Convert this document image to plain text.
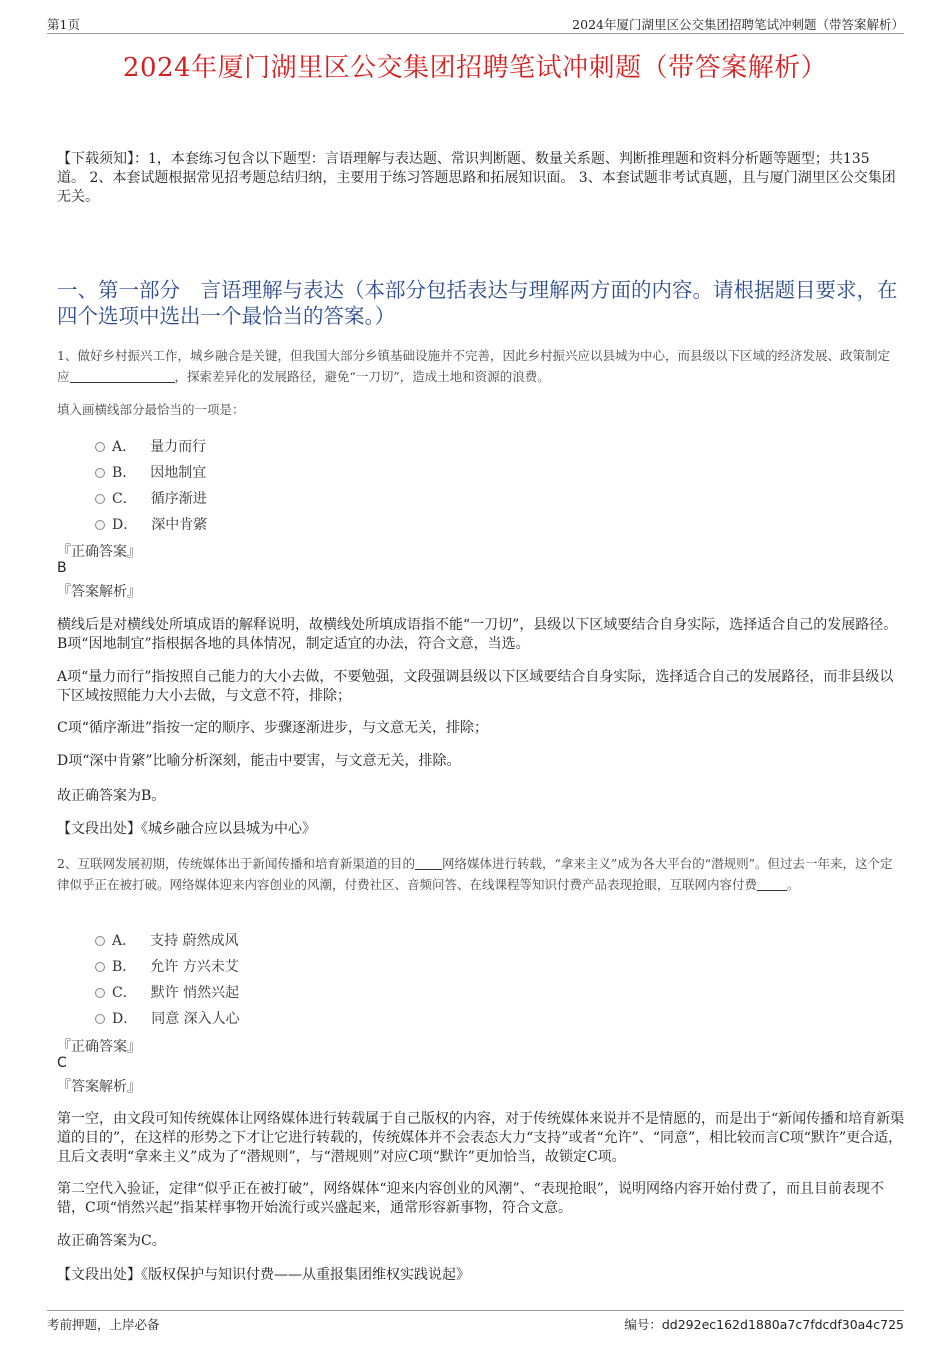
第1页	2024年厦门湖里区公交集团招聘笔试冲刺题（带答案解析）
2024年厦门湖里区公交集团招聘笔试冲刺题（带答案解析）
【下载须知】：1，本套练习包含以下题型：言语理解与表达题、常识判断题、数量关系题、判断推理题和资料分析题等题型；共135道。 2、本套试题根据常见招考题总结归纳，主要用于练习答题思路和拓展知识面。 3、本套试题非考试真题，且与厦门湖里区公交集团无关。
一、第一部分　言语理解与表达（本部分包括表达与理解两方面的内容。请根据题目要求，在四个选项中选出一个最恰当的答案。）
1、做好乡村振兴工作，城乡融合是关键，但我国大部分乡镇基础设施并不完善，因此乡村振兴应以县城为中心，而县级以下区域的经济发展、政策制定应	，探索差异化的发展路径，避免“一刀切”，造成土地和资源的浪费。
填入画横线部分最恰当的一项是：
A． 量力而行
B． 因地制宜
C． 循序渐进
D． 深中肯綮
『正确答案』
B
『答案解析』
横线后是对横线处所填成语的解释说明，故横线处所填成语指不能“一刀切”，县级以下区域要结合自身实际，选择适合自己的发展路径。B项“因地制宜”指根据各地的具体情况，制定适宜的办法，符合文意，当选。
A项“量力而行”指按照自己能力的大小去做，不要勉强，文段强调县级以下区域要结合自身实际，选择适合自己的发展路径，而非县级以下区域按照能力大小去做，与文意不符，排除；
C项“循序渐进”指按一定的顺序、步骤逐渐进步，与文意无关，排除；
D项“深中肯綮”比喻分析深刻，能击中要害，与文意无关，排除。
故正确答案为B。
【文段出处】《城乡融合应以县城为中心》
2、互联网发展初期，传统媒体出于新闻传播和培育新渠道的目的 网络媒体进行转载，“拿来主义”成为各大平台的“潜规则”。但过去一年来，这个定律似乎正在被打破。网络媒体迎来内容创业的风潮，付费社区、音频问答、在线课程等知识付费产品表现抢眼，互联网内容付费 。
A． 支持 蔚然成风
B． 允许 方兴未艾
C． 默许 悄然兴起
D． 同意 深入人心
『正确答案』
C
『答案解析』
第一空，由文段可知传统媒体让网络媒体进行转载属于自己版权的内容，对于传统媒体来说并不是情愿的，而是出于“新闻传播和培育新渠道的目的”，在这样的形势之下才让它进行转载的，传统媒体并不会表态大力“支持”或者“允许”、“同意”，相比较而言C项“默许”更合适，且后文表明“拿来主义”成为了“潜规则”，与“潜规则”对应C项“默许”更加恰当，故锁定C项。
第二空代入验证，定律“似乎正在被打破”，网络媒体“迎来内容创业的风潮”、“表现抢眼”，说明网络内容开始付费了，而且目前表现不错，C项“悄然兴起”指某样事物开始流行或兴盛起来，通常形容新事物，符合文意。
故正确答案为C。
【文段出处】《版权保护与知识付费——从重报集团维权实践说起》
考前押题，上岸必备	编号：dd292ec162d1880a7c7fdcdf30a4c725
